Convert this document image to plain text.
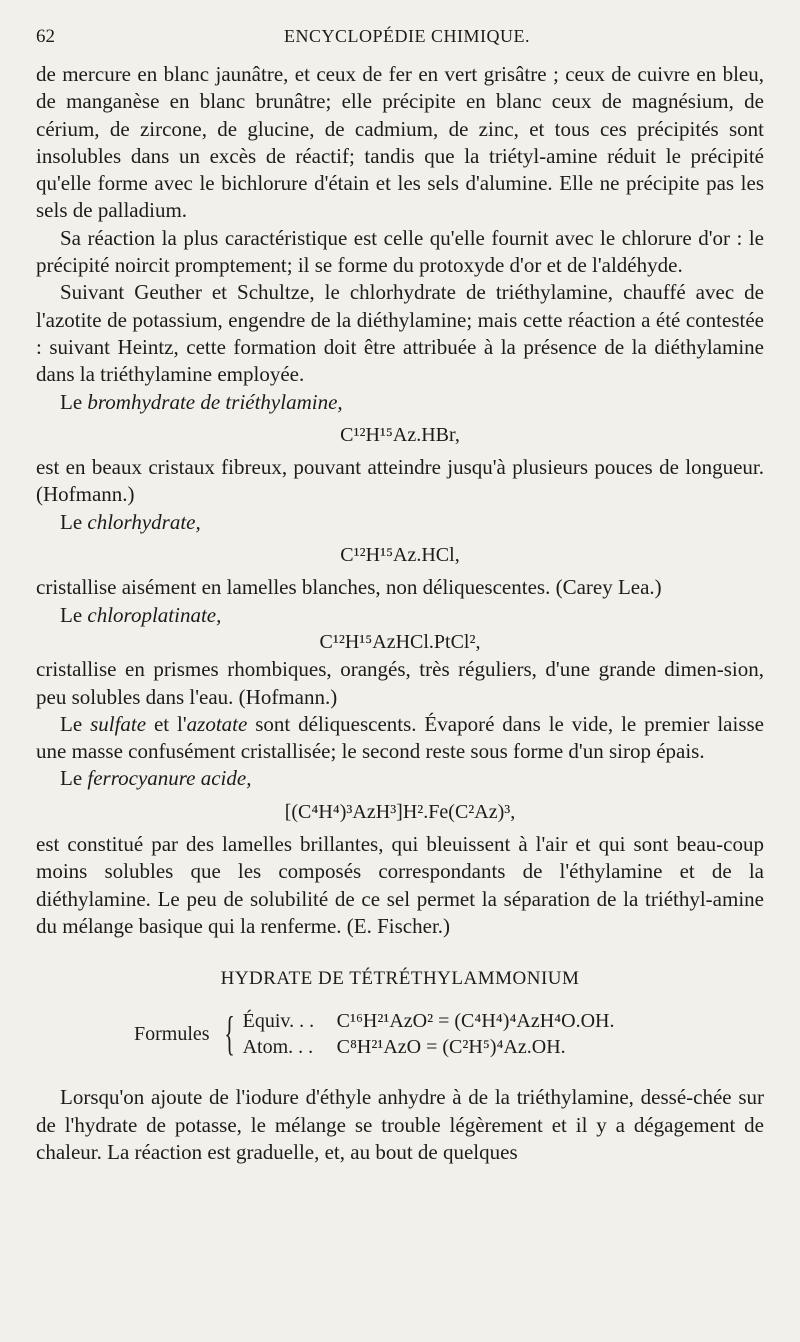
62	ENCYCLOPÉDIE CHIMIQUE.

de mercure en blanc jaunâtre, et ceux de fer en vert grisâtre ; ceux de cuivre en bleu, de manganèse en blanc brunâtre; elle précipite en blanc ceux de magnésium, de cérium, de zircone, de glucine, de cadmium, de zinc, et tous ces précipités sont insolubles dans un excès de réactif; tandis que la triétyl-amine réduit le précipité qu'elle forme avec le bichlorure d'étain et les sels d'alumine. Elle ne précipite pas les sels de palladium.

Sa réaction la plus caractéristique est celle qu'elle fournit avec le chlorure d'or : le précipité noircit promptement; il se forme du protoxyde d'or et de l'aldéhyde.

Suivant Geuther et Schultze, le chlorhydrate de triéthylamine, chauffé avec de l'azotite de potassium, engendre de la diéthylamine; mais cette réaction a été contestée : suivant Heintz, cette formation doit être attribuée à la présence de la diéthylamine dans la triéthylamine employée.

Le bromhydrate de triéthylamine,

C¹²H¹⁵Az.HBr,

est en beaux cristaux fibreux, pouvant atteindre jusqu'à plusieurs pouces de longueur. (Hofmann.)

Le chlorhydrate,

C¹²H¹⁵Az.HCl,

cristallise aisément en lamelles blanches, non déliquescentes. (Carey Lea.)

Le chloroplatinate,

C¹²H¹⁵AzHCl.PtCl²,

cristallise en prismes rhombiques, orangés, très réguliers, d'une grande dimen-sion, peu solubles dans l'eau. (Hofmann.)

Le sulfate et l'azotate sont déliquescents. Évaporé dans le vide, le premier laisse une masse confusément cristallisée; le second reste sous forme d'un sirop épais.

Le ferrocyanure acide,

[(C⁴H⁴)³AzH³]H².Fe(C²Az)³,

est constitué par des lamelles brillantes, qui bleuissent à l'air et qui sont beau-coup moins solubles que les composés correspondants de l'éthylamine et de la diéthylamine. Le peu de solubilité de ce sel permet la séparation de la triéthyl-amine du mélange basique qui la renferme. (E. Fischer.)

HYDRATE DE TÉTRÉTHYLAMMONIUM
Formules { Équiv. . .	C¹⁶H²¹AzO² = (C⁴H⁴)⁴AzH⁴O.OH.
Atom. . .	C⁸H²¹AzO = (C²H⁵)⁴Az.OH.

Lorsqu'on ajoute de l'iodure d'éthyle anhydre à de la triéthylamine, dessé-chée sur de l'hydrate de potasse, le mélange se trouble légèrement et il y a dégagement de chaleur. La réaction est graduelle, et, au bout de quelques
